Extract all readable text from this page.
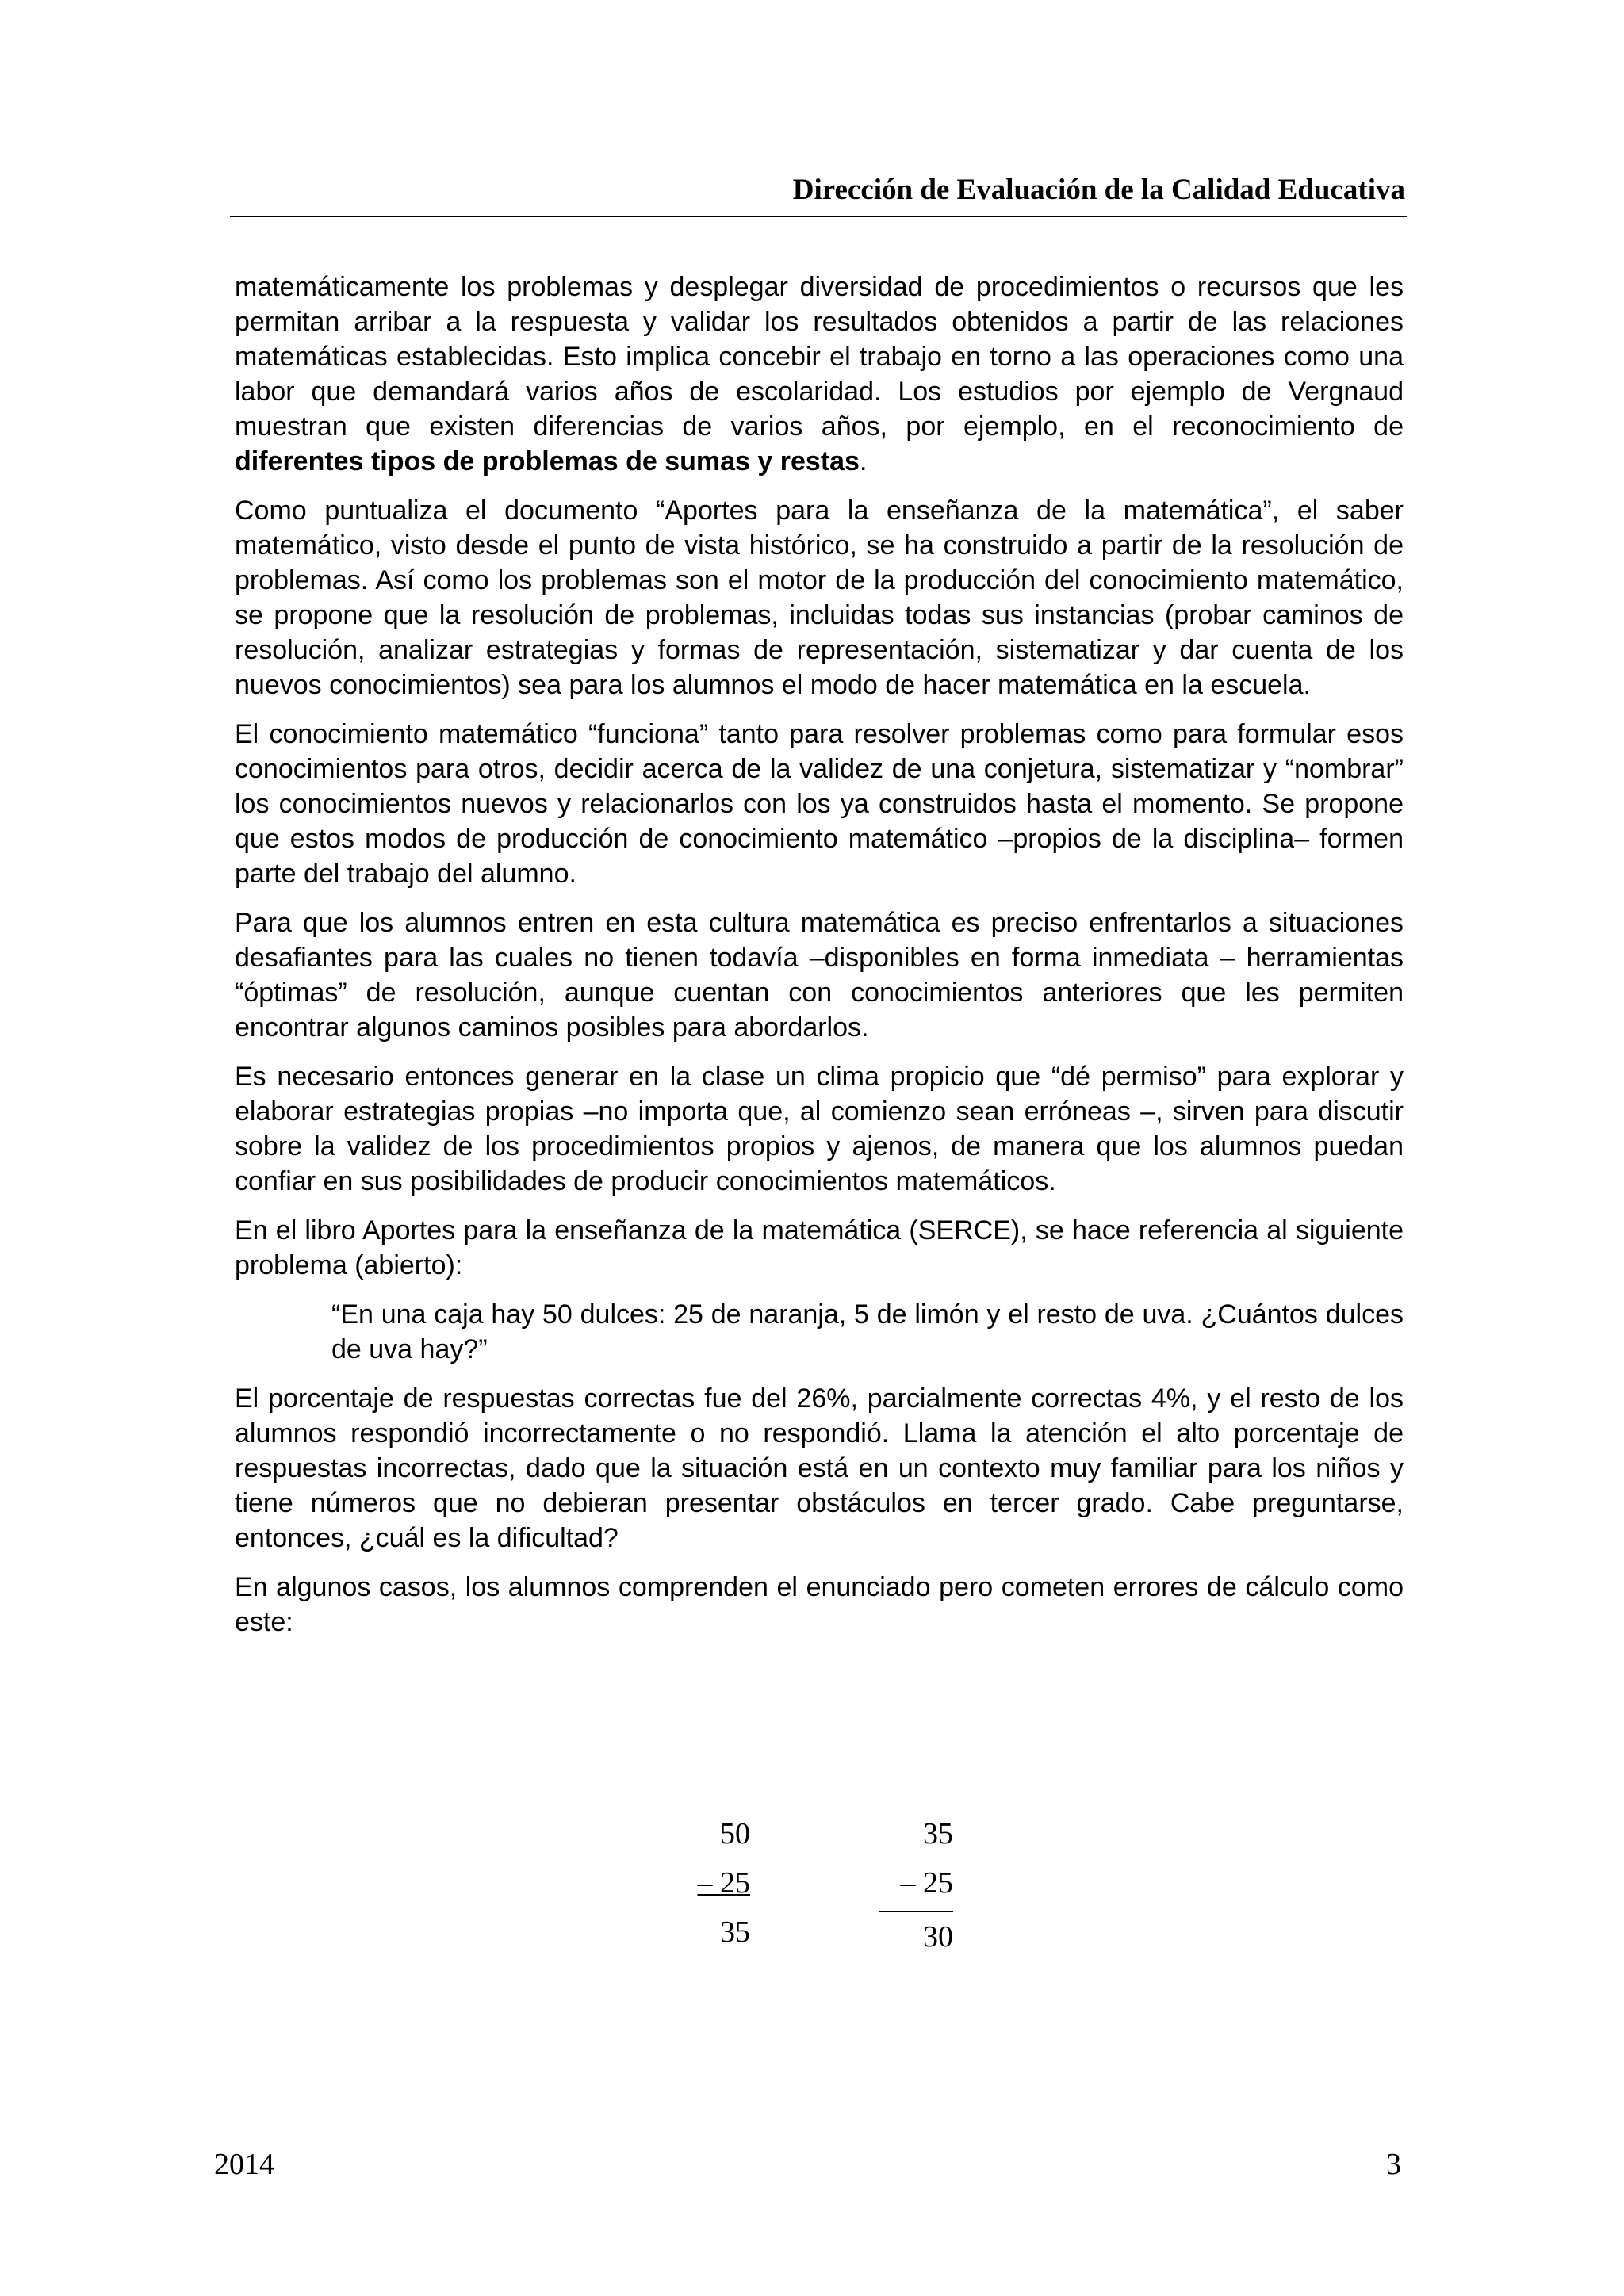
Dirección de Evaluación de la Calidad Educativa

matemáticamente los problemas y desplegar diversidad de procedimientos o recursos que les permitan arribar a la respuesta y validar los resultados obtenidos a partir de las relaciones matemáticas establecidas. Esto implica concebir el trabajo en torno a las operaciones como una labor que demandará varios años de escolaridad. Los estudios por ejemplo de Vergnaud muestran que existen diferencias de varios años, por ejemplo, en el reconocimiento de diferentes tipos de problemas de sumas y restas.

Como puntualiza el documento “Aportes para la enseñanza de la matemática”, el saber matemático, visto desde el punto de vista histórico, se ha construido a partir de la resolución de problemas. Así como los problemas son el motor de la producción del conocimiento matemático, se propone que la resolución de problemas, incluidas todas sus instancias (probar caminos de resolución, analizar estrategias y formas de representación, sistematizar y dar cuenta de los nuevos conocimientos) sea para los alumnos el modo de hacer matemática en la escuela.

El conocimiento matemático “funciona” tanto para resolver problemas como para formular esos conocimientos para otros, decidir acerca de la validez de una conjetura, sistematizar y “nombrar” los conocimientos nuevos y relacionarlos con los ya construidos hasta el momento. Se propone que estos modos de producción de conocimiento matemático –propios de la disciplina– formen parte del trabajo del alumno.

Para que los alumnos entren en esta cultura matemática es preciso enfrentarlos a situaciones desafiantes para las cuales no tienen todavía –disponibles en forma inmediata – herramientas “óptimas” de resolución, aunque cuentan con conocimientos anteriores que les permiten encontrar algunos caminos posibles para abordarlos.

Es necesario entonces generar en la clase un clima propicio que “dé permiso” para explorar y elaborar estrategias propias –no importa que, al comienzo sean erróneas –, sirven para discutir sobre la validez de los procedimientos propios y ajenos, de manera que los alumnos puedan confiar en sus posibilidades de producir conocimientos matemáticos.

En el libro Aportes para la enseñanza de la matemática (SERCE), se hace referencia al siguiente problema (abierto):

“En una caja hay 50 dulces: 25 de naranja, 5 de limón y el resto de uva. ¿Cuántos dulces de uva hay?”

El porcentaje de respuestas correctas fue del 26%, parcialmente correctas 4%, y el resto de los alumnos respondió incorrectamente o no respondió. Llama la atención el alto porcentaje de respuestas incorrectas, dado que la situación está en un contexto muy familiar para los niños y tiene números que no debieran presentar obstáculos en tercer grado. Cabe preguntarse, entonces, ¿cuál es la dificultad?

En algunos casos, los alumnos comprenden el enunciado pero cometen errores de cálculo como este:

50
– 25
35
35
– 25
30
2014	3
